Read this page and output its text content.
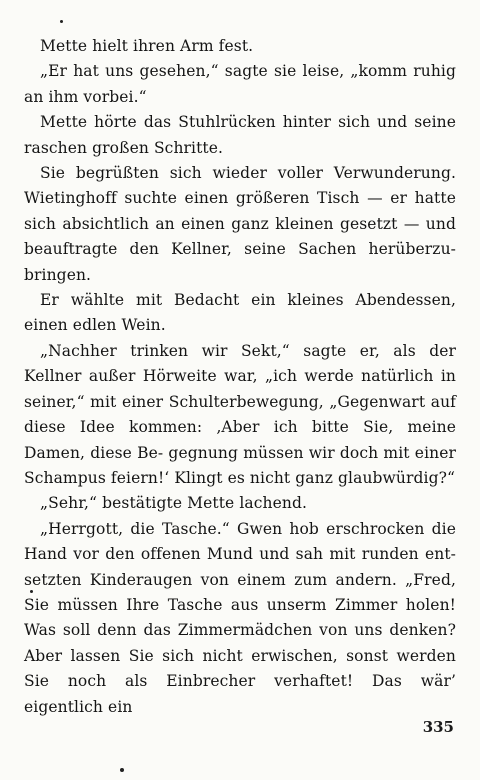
Mette hielt ihren Arm fest.

„Er hat uns gesehen,“ sagte sie leise, „komm ruhig an ihm vorbei.“

Mette hörte das Stuhlrücken hinter sich und seine raschen großen Schritte.

Sie begrüßten sich wieder voller Verwunderung. Wietinghoff suchte einen größeren Tisch — er hatte sich absichtlich an einen ganz kleinen gesetzt — und beauftragte den Kellner, seine Sachen herüberzu- bringen.

Er wählte mit Bedacht ein kleines Abendessen, einen edlen Wein.

„Nachher trinken wir Sekt,“ sagte er, als der Kellner außer Hörweite war, „ich werde natürlich in seiner,“ mit einer Schulterbewegung, „Gegenwart auf diese Idee kommen: ‚Aber ich bitte Sie, meine Damen, diese Be- gegnung müssen wir doch mit einer Schampus feiern!‘ Klingt es nicht ganz glaubwürdig?“

„Sehr,“ bestätigte Mette lachend.

„Herrgott, die Tasche.“ Gwen hob erschrocken die Hand vor den offenen Mund und sah mit runden ent- setzten Kinderaugen von einem zum andern. „Fred, Sie müssen Ihre Tasche aus unserm Zimmer holen! Was soll denn das Zimmermädchen von uns denken? Aber lassen Sie sich nicht erwischen, sonst werden Sie noch als Einbrecher verhaftet! Das wär’ eigentlich ein

335
